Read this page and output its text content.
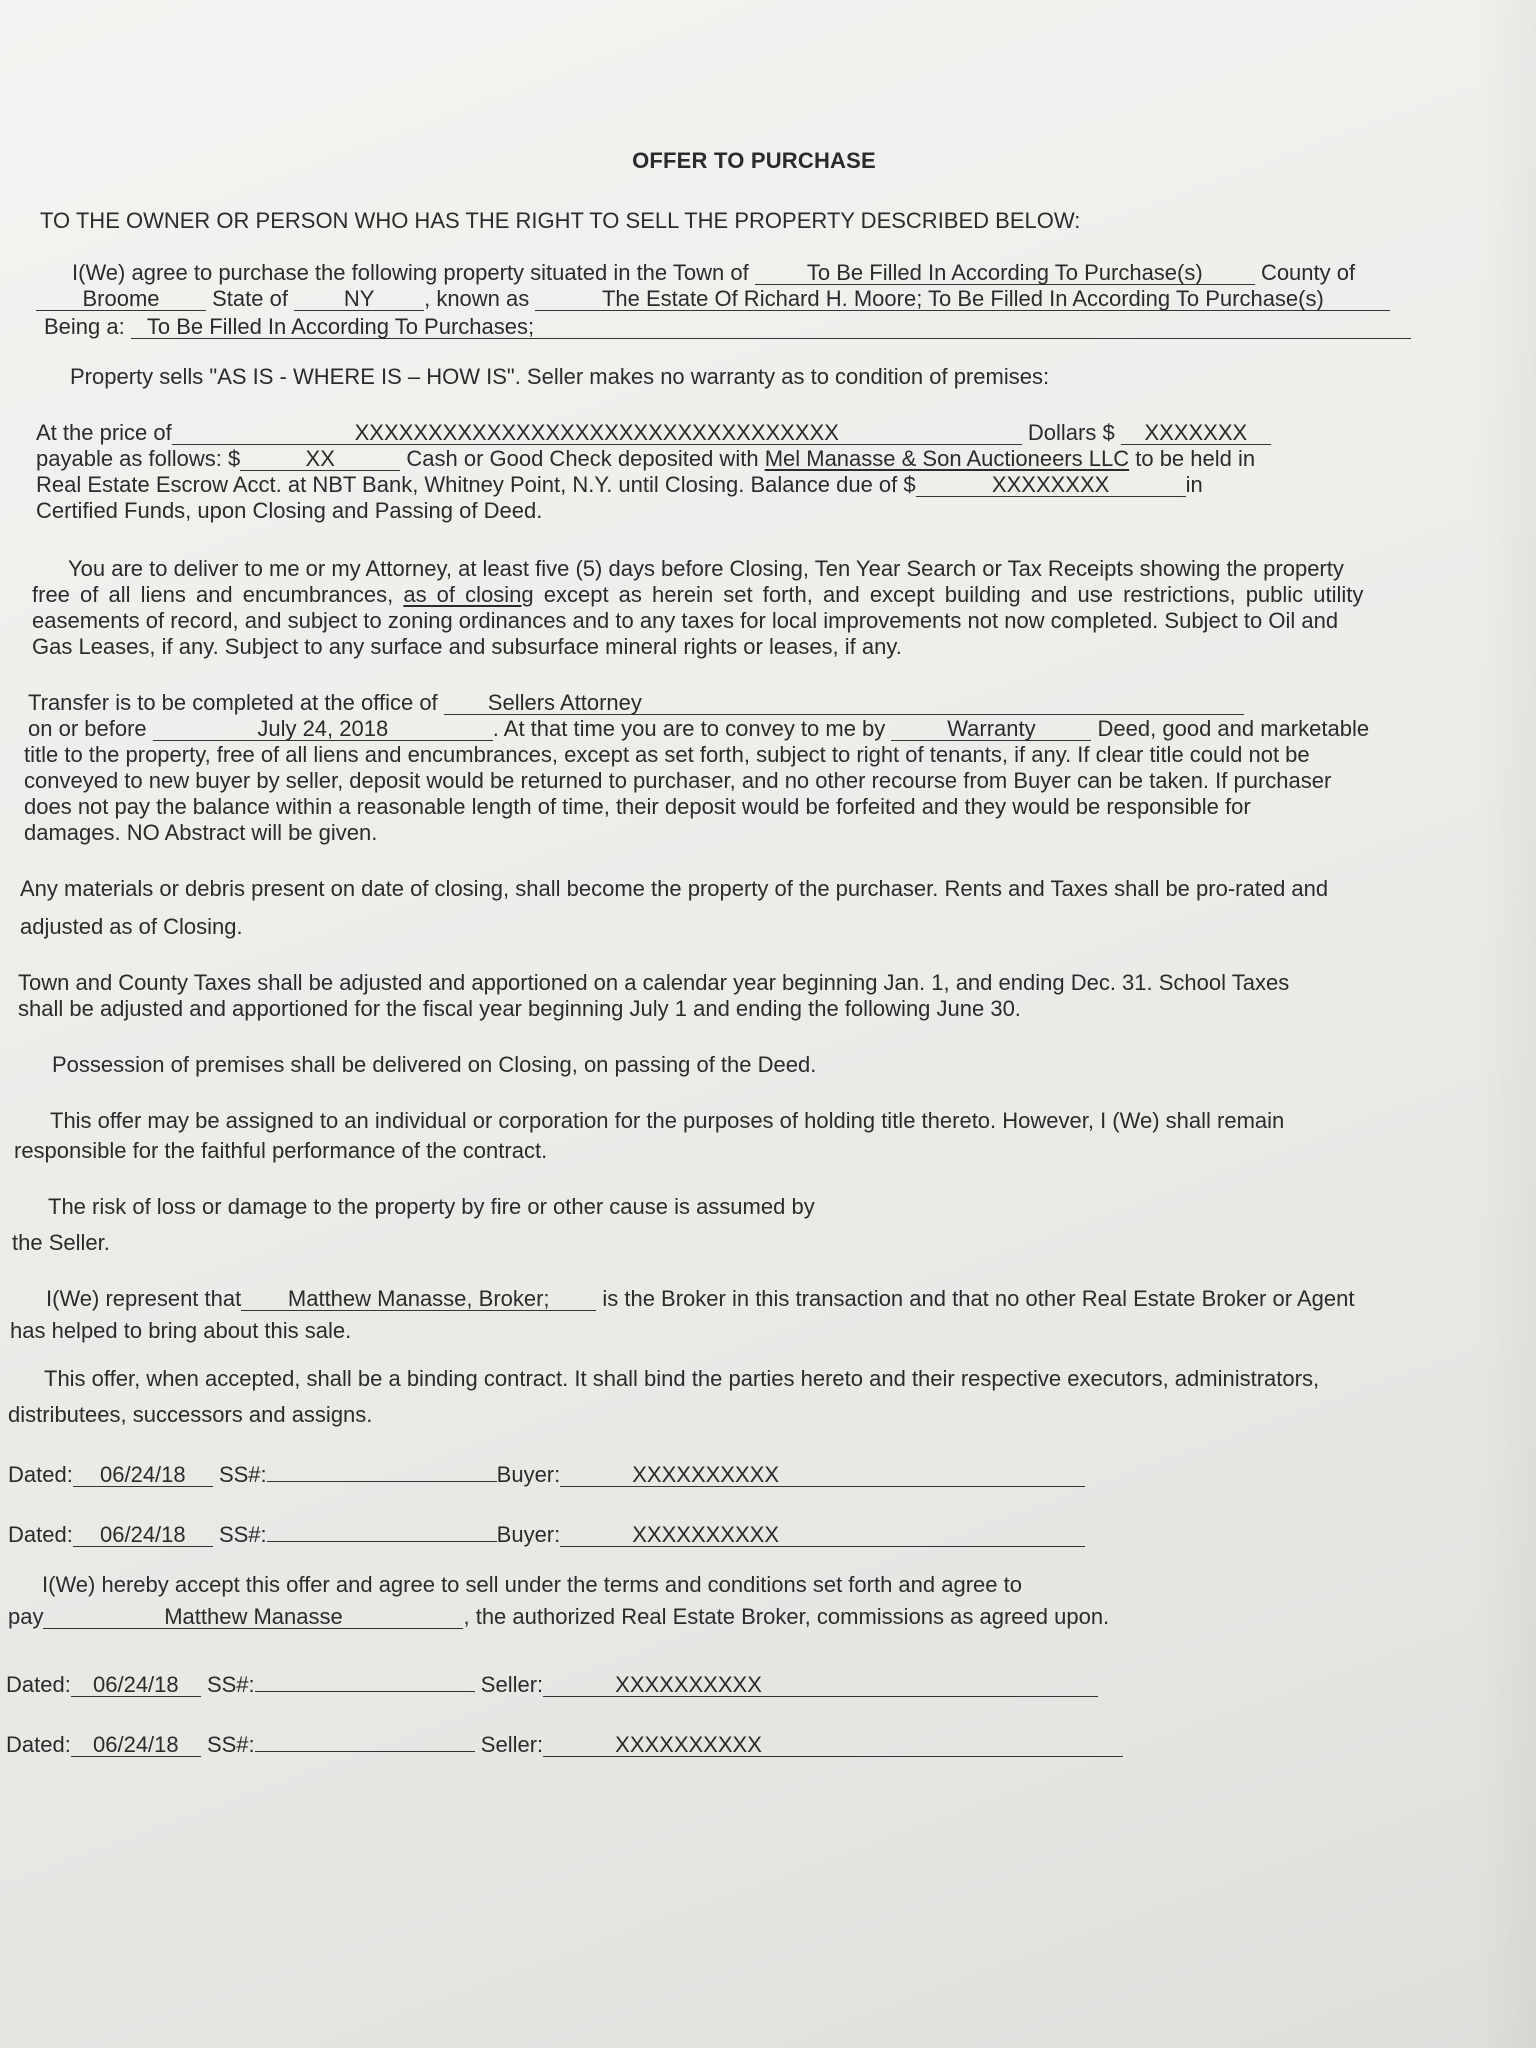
OFFER TO PURCHASE
TO THE OWNER OR PERSON WHO HAS THE RIGHT TO SELL THE PROPERTY DESCRIBED BELOW:
I(We) agree to purchase the following property situated in the Town of	To Be Filled In According To Purchase(s)	County of
Broome State of	NY , known as	The Estate Of Richard H. Moore; To Be Filled In According To Purchase(s)
Being a: To Be Filled In According To Purchases;
Property sells "AS IS - WHERE IS – HOW IS". Seller makes no warranty as to condition of premises:
At the price of	XXXXXXXXXXXXXXXXXXXXXXXXXXXXXXXXX	Dollars $ XXXXXXX
payable as follows: $	XX	Cash or Good Check deposited with Mel Manasse & Son Auctioneers LLC to be held in
Real Estate Escrow Acct. at NBT Bank, Whitney Point, N.Y. until Closing. Balance due of $	XXXXXXXX	in
Certified Funds, upon Closing and Passing of Deed.
You are to deliver to me or my Attorney, at least five (5) days before Closing, Ten Year Search or Tax Receipts showing the property
free of all liens and encumbrances, as of closing except as herein set forth, and except building and use restrictions, public utility
easements of record, and subject to zoning ordinances and to any taxes for local improvements not now completed. Subject to Oil and
Gas Leases, if any. Subject to any surface and subsurface mineral rights or leases, if any.
Transfer is to be completed at the office of Sellers Attorney
on or before	July 24, 2018	. At that time you are to convey to me by	Warranty	Deed, good and marketable
title to the property, free of all liens and encumbrances, except as set forth, subject to right of tenants, if any. If clear title could not be
conveyed to new buyer by seller, deposit would be returned to purchaser, and no other recourse from Buyer can be taken. If purchaser
does not pay the balance within a reasonable length of time, their deposit would be forfeited and they would be responsible for
damages. NO Abstract will be given.
Any materials or debris present on date of closing, shall become the property of the purchaser. Rents and Taxes shall be pro-rated and
adjusted as of Closing.
Town and County Taxes shall be adjusted and apportioned on a calendar year beginning Jan. 1, and ending Dec. 31. School Taxes
shall be adjusted and apportioned for the fiscal year beginning July 1 and ending the following June 30.
Possession of premises shall be delivered on Closing, on passing of the Deed.
This offer may be assigned to an individual or corporation for the purposes of holding title thereto. However, I (We) shall remain
responsible for the faithful performance of the contract.
The risk of loss or damage to the property by fire or other cause is assumed by
the Seller.
I(We) represent that Matthew Manasse, Broker; is the Broker in this transaction and that no other Real Estate Broker or Agent
has helped to bring about this sale.
This offer, when accepted, shall be a binding contract. It shall bind the parties hereto and their respective executors, administrators,
distributees, successors and assigns.
Dated: 06/24/18 SS#:	Buyer:	XXXXXXXXXX
Dated: 06/24/18 SS#:	Buyer:	XXXXXXXXXX
I(We) hereby accept this offer and agree to sell under the terms and conditions set forth and agree to
pay	Matthew Manasse	, the authorized Real Estate Broker, commissions as agreed upon.
Dated: 06/24/18 SS#:	Seller:	XXXXXXXXXX
Dated: 06/24/18 SS#:	Seller:	XXXXXXXXXX
